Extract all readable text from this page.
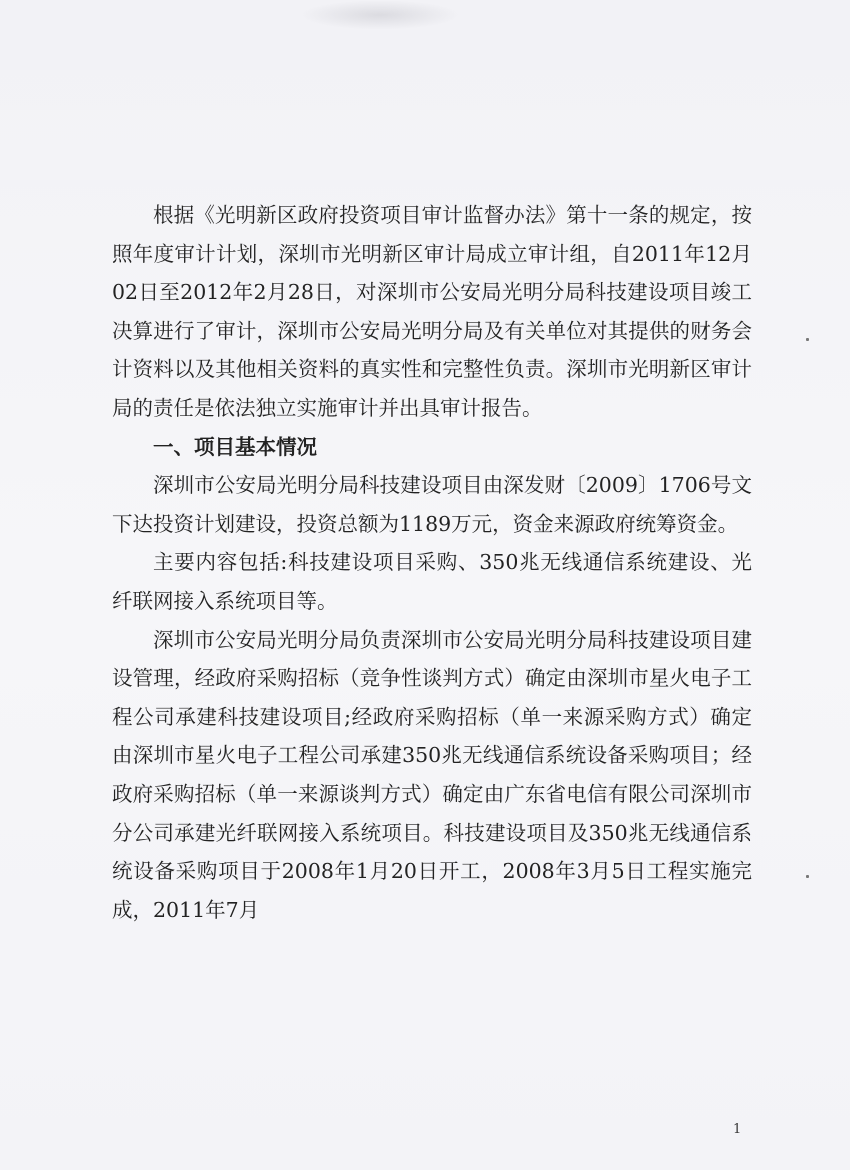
根据《光明新区政府投资项目审计监督办法》第十一条的规定，按照年度审计计划，深圳市光明新区审计局成立审计组，自2011年12月02日至2012年2月28日，对深圳市公安局光明分局科技建设项目竣工决算进行了审计，深圳市公安局光明分局及有关单位对其提供的财务会计资料以及其他相关资料的真实性和完整性负责。深圳市光明新区审计局的责任是依法独立实施审计并出具审计报告。

一、项目基本情况

深圳市公安局光明分局科技建设项目由深发财〔2009〕1706号文下达投资计划建设，投资总额为1189万元，资金来源政府统筹资金。

主要内容包括:科技建设项目采购、350兆无线通信系统建设、光纤联网接入系统项目等。

深圳市公安局光明分局负责深圳市公安局光明分局科技建设项目建设管理，经政府采购招标（竞争性谈判方式）确定由深圳市星火电子工程公司承建科技建设项目;经政府采购招标（单一来源采购方式）确定由深圳市星火电子工程公司承建350兆无线通信系统设备采购项目；经政府采购招标（单一来源谈判方式）确定由广东省电信有限公司深圳市分公司承建光纤联网接入系统项目。科技建设项目及350兆无线通信系统设备采购项目于2008年1月20日开工，2008年3月5日工程实施完成，2011年7月

1
